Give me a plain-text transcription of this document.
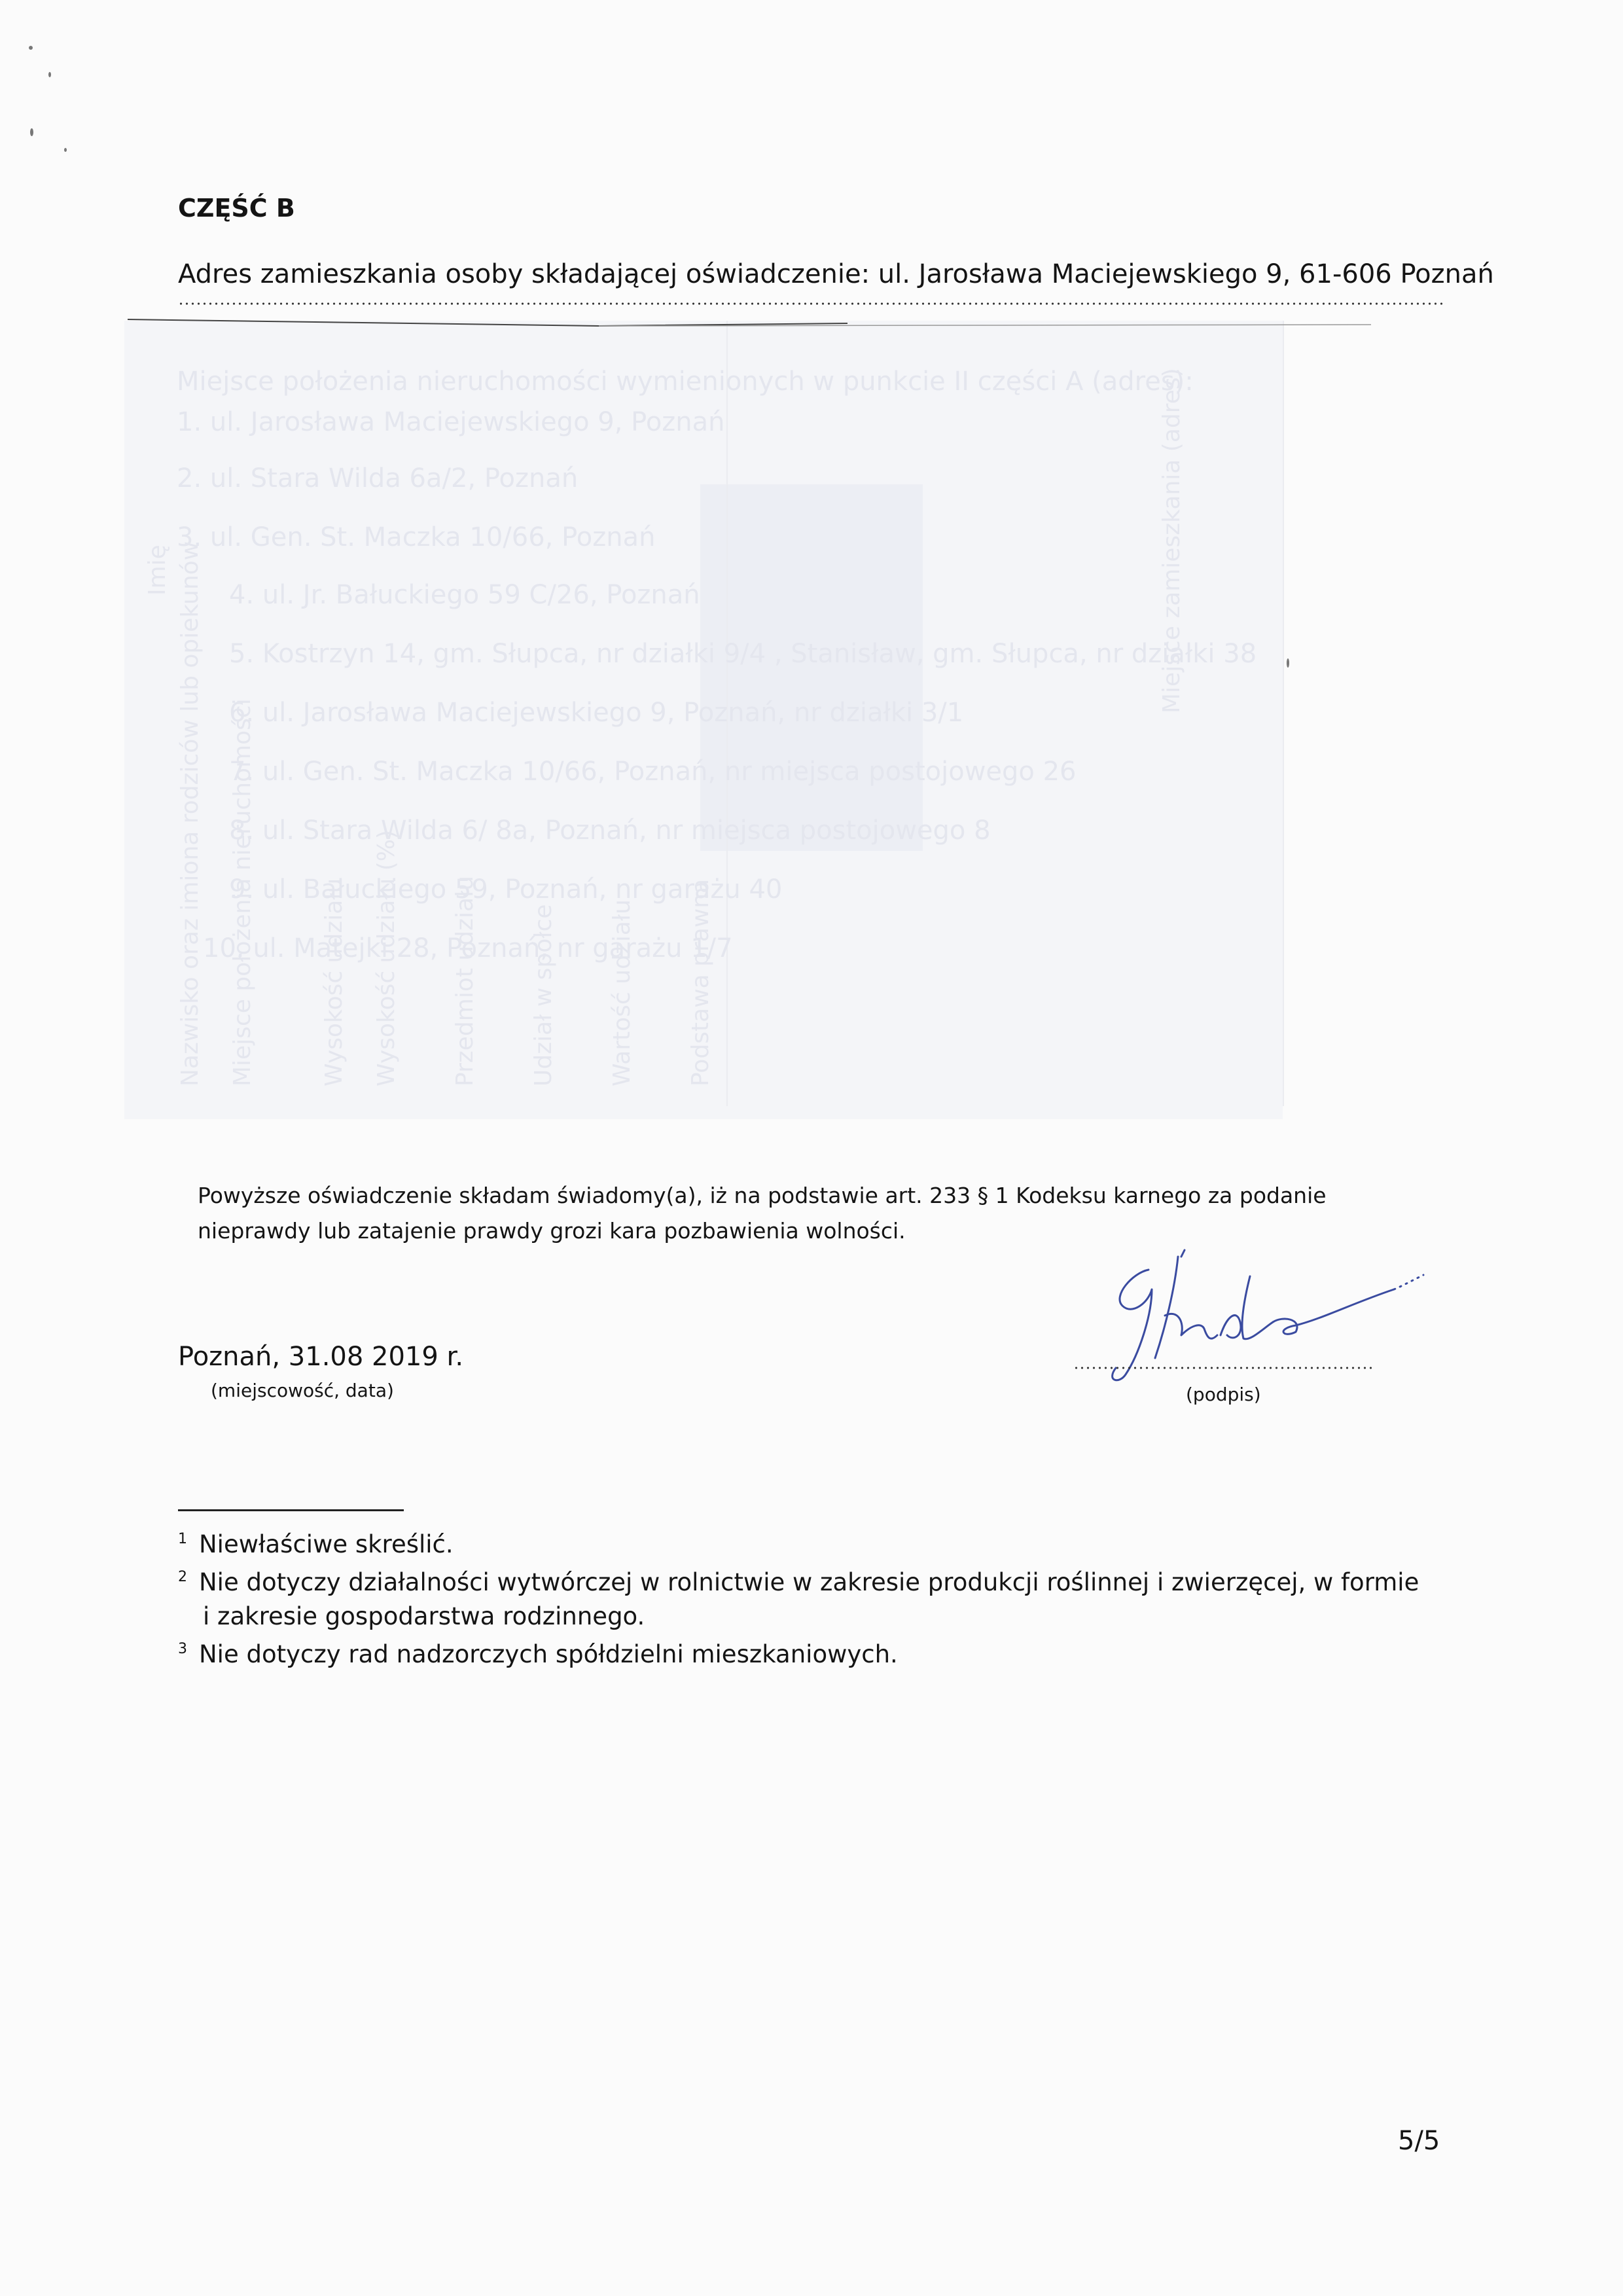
Miejsce położenia nieruchomości wymienionych w punkcie II części A (adres):
1. ul. Jarosława Maciejewskiego 9, Poznań
2. ul. Stara Wilda 6a/2, Poznań
3. ul. Gen. St. Maczka 10/66, Poznań
4. ul. Jr. Bałuckiego 59 C/26, Poznań
5. Kostrzyn 14, gm. Słupca, nr działki 9/4 , Stanisław, gm. Słupca, nr działki 38
6. ul. Jarosława Maciejewskiego 9, Poznań, nr działki 3/1
7. ul. Gen. St. Maczka 10/66, Poznań, nr miejsca postojowego 26
8. ul. Stara Wilda 6/ 8a, Poznań, nr miejsca postojowego 8
9. ul. Bałuckiego 59, Poznań, nr garażu 40
10. ul. Matejki 28, Poznań, nr garażu 1/7
Imię Nazwisko oraz imiona rodziców lub opiekunów Miejsce położenia nieruchomości	Wysokość udziału Wysokość udziału (%) Przedmiot udziału Udział w spółce Wartość udziału Podstawa prawna
Miejsce zamieszkania (adres)
CZĘŚĆ B
Adres zamieszkania osoby składającej oświadczenie: ul. Jarosława Maciejewskiego 9, 61-606 Poznań
Powyższe oświadczenie składam świadomy(a), iż na podstawie art. 233 § 1 Kodeksu karnego za podanie
nieprawdy lub zatajenie prawdy grozi kara pozbawienia wolności.
Poznań, 31.08 2019 r.
(miejscowość, data)	(podpis)
$^1$ Niewłaściwe skreślić.
$^2$ Nie dotyczy działalności wytwórczej w rolnictwie w zakresie produkcji roślinnej i zwierzęcej, w formie
i zakresie gospodarstwa rodzinnego.
$^3$ Nie dotyczy rad nadzorczych spółdzielni mieszkaniowych.
5/5
